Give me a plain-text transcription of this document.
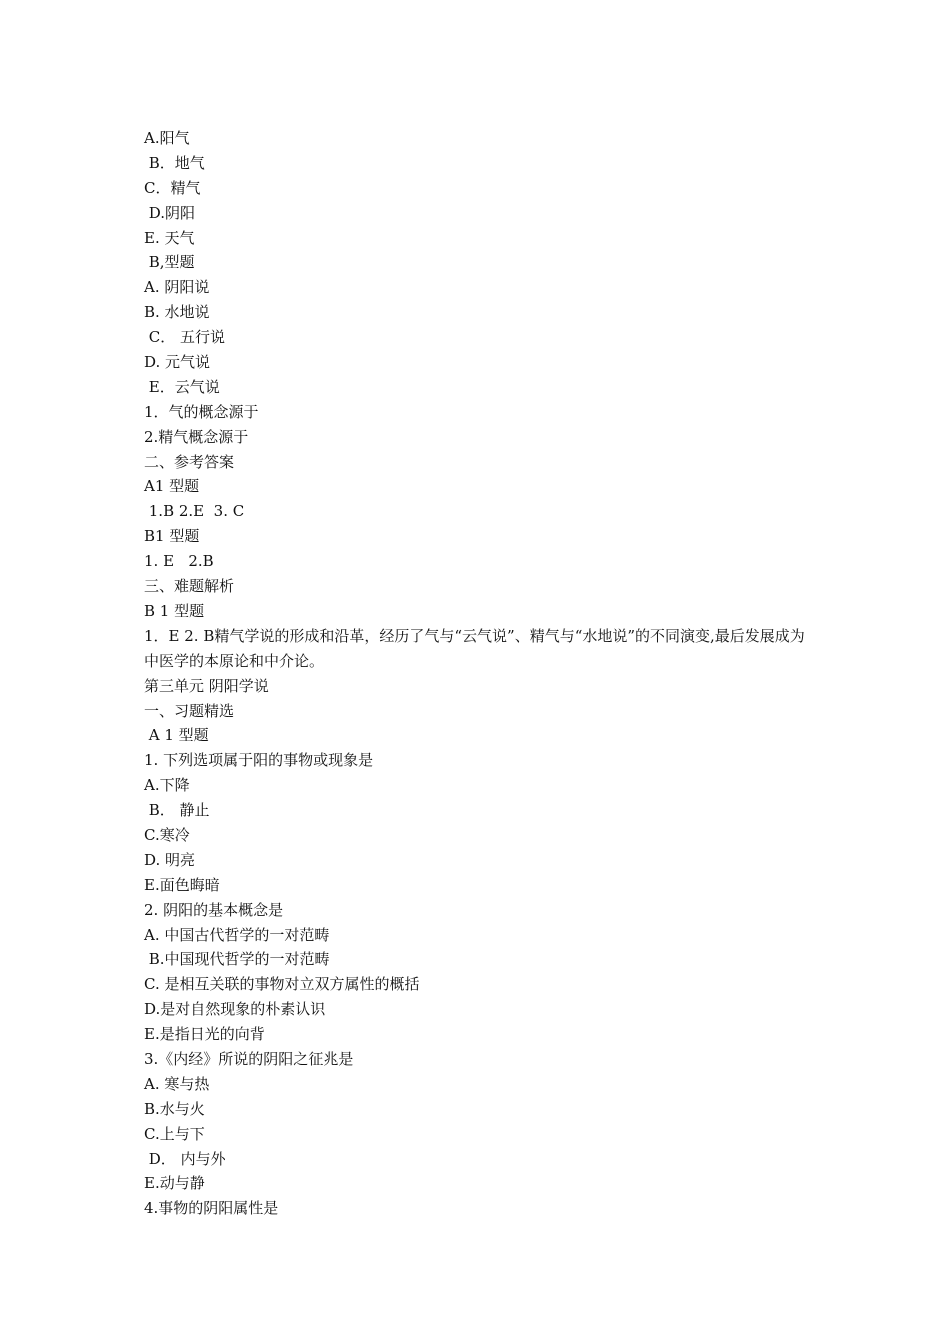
A.阳气
B．地气
C．精气
D.阴阳
E. 天气
B,型题
A. 阴阳说
B. 水地说
C． 五行说
D. 元气说
E．云气说
1．气的概念源于
2.精气概念源于
二、参考答案
A1 型题
1.B 2.E  3. C
B1 型题
1. E   2.B
三、难题解析
B 1 型题
1．E 2. B精气学说的形成和沿革，经历了气与“云气说”、精气与“水地说”的不同演变,最后发展成为中医学的本原论和中介论。
第三单元 阴阳学说
一、习题精选
A 1 型题
1. 下列选项属于阳的事物或现象是
A.下降
B． 静止
C.寒冷
D. 明亮
E.面色晦暗
2. 阴阳的基本概念是
A. 中国古代哲学的一对范畴
B.中国现代哲学的一对范畴
C. 是相互关联的事物对立双方属性的概括
D.是对自然现象的朴素认识
E.是指日光的向背
3.《内经》所说的阴阳之征兆是
A. 寒与热
B.水与火
C.上与下
D． 内与外
E.动与静
4.事物的阴阳属性是
